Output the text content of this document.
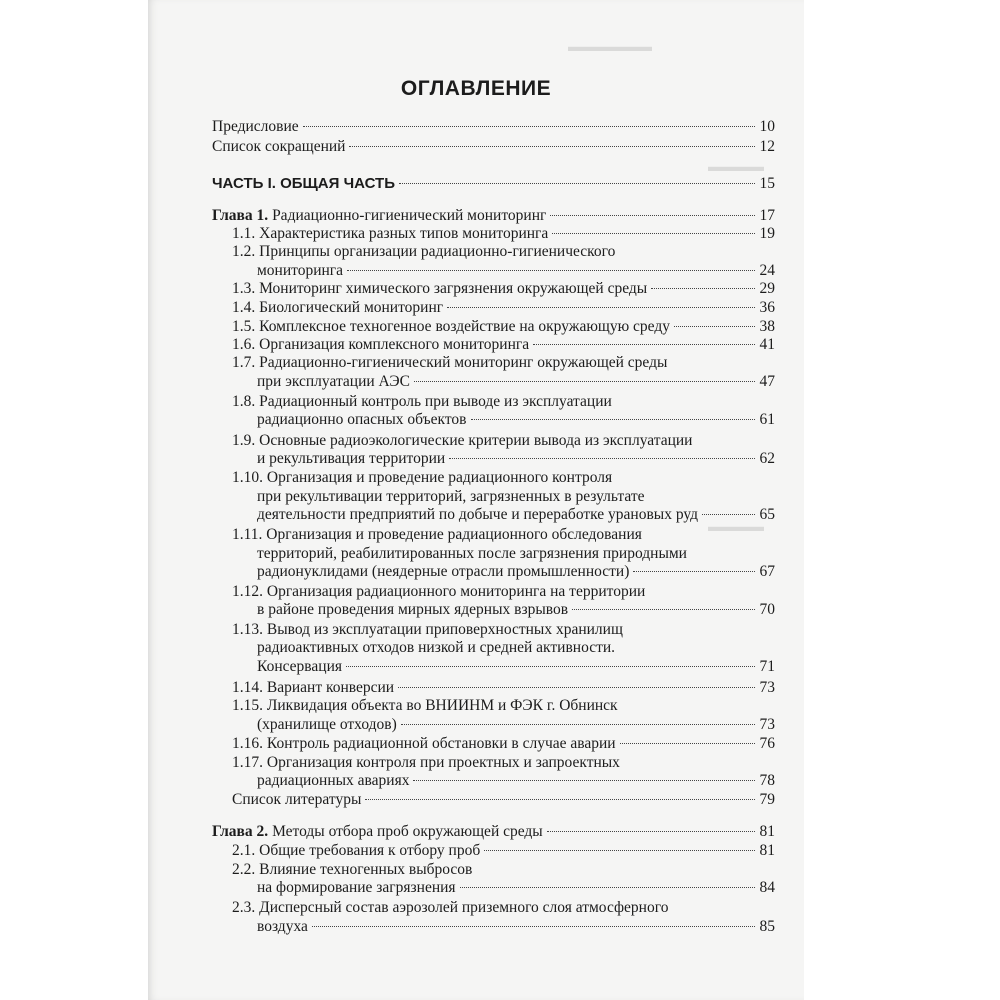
▬▬▬▬▬▬
▬▬▬▬
▬▬▬▬
ОГЛАВЛЕНИЕ
Предисловие	10
Список сокращений	12
ЧАСТЬ I. ОБЩАЯ ЧАСТЬ	15
Глава 1. Радиационно-гигиенический мониторинг	17
1.1. Характеристика разных типов мониторинга	19
1.2. Принципы организации радиационно-гигиенического
мониторинга	24
1.3. Мониторинг химического загрязнения окружающей среды	29
1.4. Биологический мониторинг	36
1.5. Комплексное техногенное воздействие на окружающую среду	38
1.6. Организация комплексного мониторинга	41
1.7. Радиационно-гигиенический мониторинг окружающей среды
при эксплуатации АЭС	47
1.8. Радиационный контроль при выводе из эксплуатации
радиационно опасных объектов	61
1.9. Основные радиоэкологические критерии вывода из эксплуатации
и рекультивация территории	62
1.10. Организация и проведение радиационного контроля
при рекультивации территорий, загрязненных в результате
деятельности предприятий по добыче и переработке урановых руд	65
1.11. Организация и проведение радиационного обследования
территорий, реабилитированных после загрязнения природными
радионуклидами (неядерные отрасли промышленности)	67
1.12. Организация радиационного мониторинга на территории
в районе проведения мирных ядерных взрывов	70
1.13. Вывод из эксплуатации приповерхностных хранилищ
радиоактивных отходов низкой и средней активности.
Консервация	71
1.14. Вариант конверсии	73
1.15. Ликвидация объекта во ВНИИНМ и ФЭК г. Обнинск
(хранилище отходов)	73
1.16. Контроль радиационной обстановки в случае аварии	76
1.17. Организация контроля при проектных и запроектных
радиационных авариях	78
Список литературы	79
Глава 2. Методы отбора проб окружающей среды	81
2.1. Общие требования к отбору проб	81
2.2. Влияние техногенных выбросов
на формирование загрязнения	84
2.3. Дисперсный состав аэрозолей приземного слоя атмосферного
воздуха	85
